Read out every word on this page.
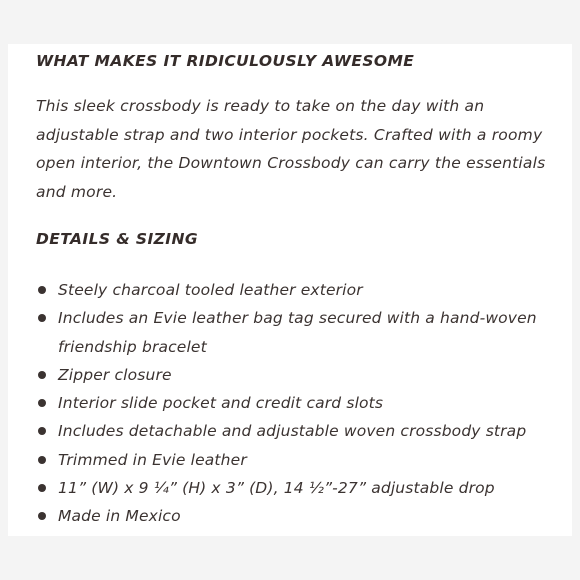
WHAT MAKES IT RIDICULOUSLY AWESOME

This sleek crossbody is ready to take on the day with an adjustable strap and two interior pockets. Crafted with a roomy open interior, the Downtown Crossbody can carry the essentials and more.

DETAILS & SIZING
Steely charcoal tooled leather exterior
Includes an Evie leather bag tag secured with a hand-woven friendship bracelet
Zipper closure
Interior slide pocket and credit card slots
Includes detachable and adjustable woven crossbody strap
Trimmed in Evie leather
11” (W) x 9 ¼” (H) x 3” (D), 14 ½”-27” adjustable drop
Made in Mexico
